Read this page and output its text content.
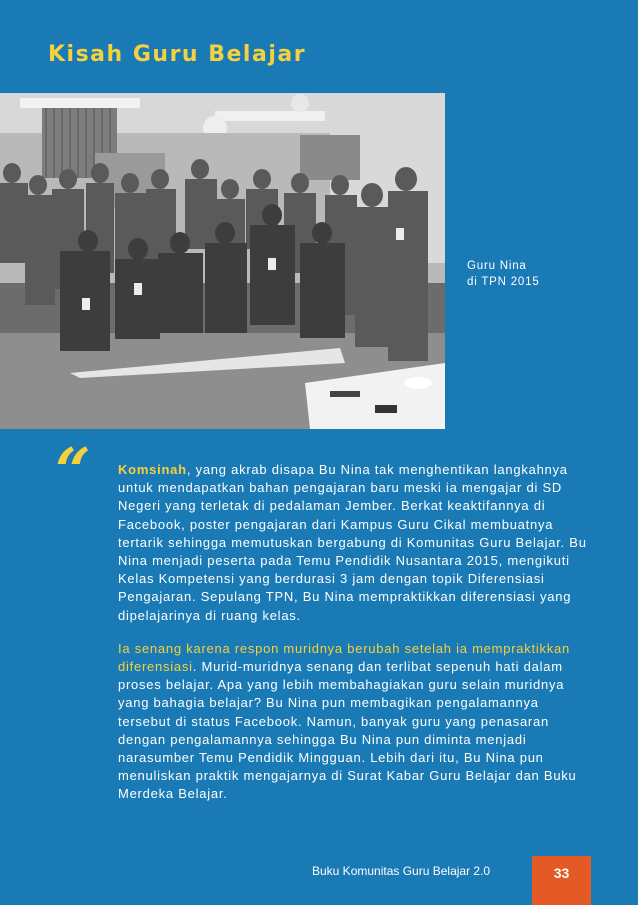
Kisah Guru Belajar
Guru Nina
di TPN 2015
“ Komsinah, yang akrab disapa Bu Nina tak menghentikan langkahnya untuk mendapatkan bahan pengajaran baru meski ia mengajar di SD Negeri yang terletak di pedalaman Jember. Berkat keaktifannya di Facebook, poster pengajaran dari Kampus Guru Cikal membuatnya tertarik sehingga memutuskan bergabung di Komunitas Guru Belajar. Bu Nina menjadi peserta pada Temu Pendidik Nusantara 2015, mengikuti Kelas Kompetensi yang berdurasi 3 jam dengan topik Diferensiasi Pengajaran. Sepulang TPN, Bu Nina mempraktikkan diferensiasi yang dipelajarinya di ruang kelas.

Ia senang karena respon muridnya berubah setelah ia mempraktikkan diferensiasi. Murid-muridnya senang dan terlibat sepenuh hati dalam proses belajar. Apa yang lebih membahagiakan guru selain muridnya yang bahagia belajar? Bu Nina pun membagikan pengalamannya tersebut di status Facebook. Namun, banyak guru yang penasaran dengan pengalamannya sehingga Bu Nina pun diminta menjadi narasumber Temu Pendidik Mingguan. Lebih dari itu, Bu Nina pun menuliskan praktik mengajarnya di Surat Kabar Guru Belajar dan Buku Merdeka Belajar.

Buku Komunitas Guru Belajar 2.0	33
